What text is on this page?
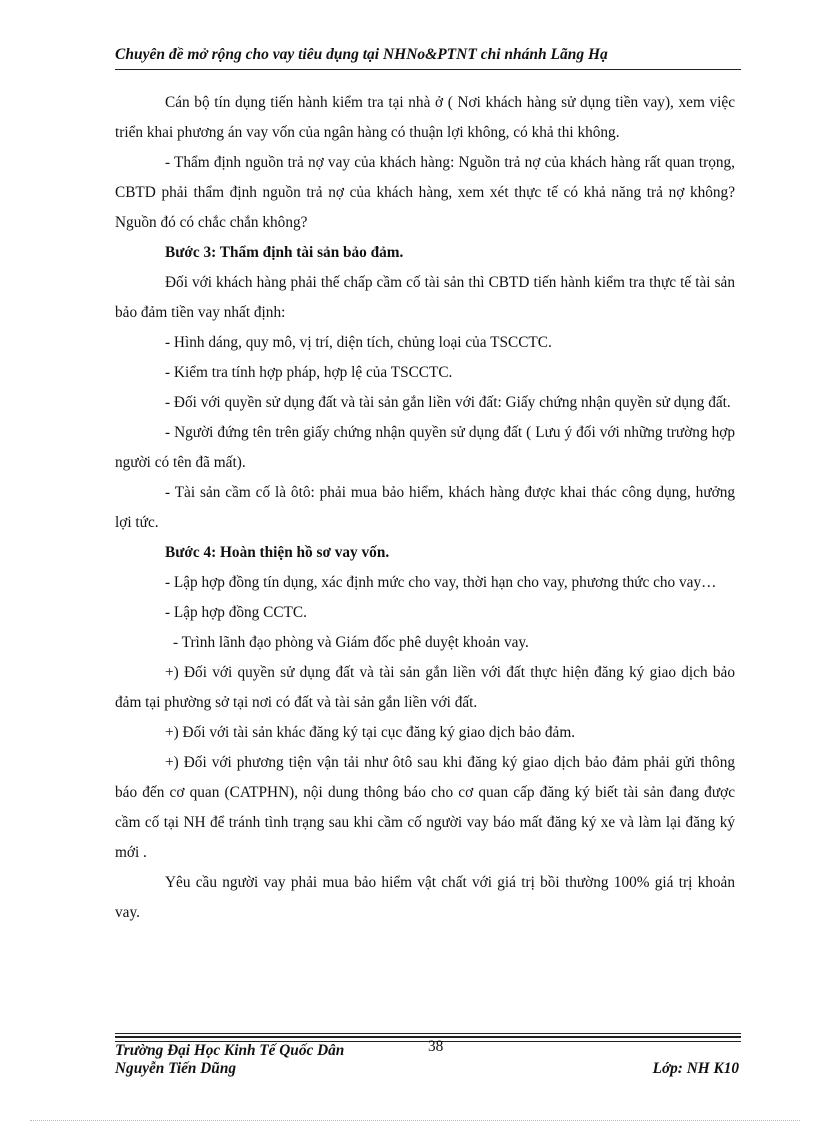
Chuyên đề mở rộng cho vay tiêu dụng tại NHNo&PTNT chi nhánh Lãng Hạ

Cán bộ tín dụng tiến hành kiểm tra tại nhà ở ( Nơi khách hàng sử dụng tiền vay), xem việc triển khai phương án vay vốn của ngân hàng có thuận lợi không, có khả thi không.

- Thẩm định nguồn trả nợ vay của khách hàng: Nguồn trả nợ của khách hàng rất quan trọng, CBTD phải thẩm định nguồn trả nợ của khách hàng, xem xét thực tế có khả năng trả nợ không? Nguồn đó có chắc chắn không?

Bước 3: Thẩm định tài sản bảo đảm.

Đối với khách hàng phải thế chấp cầm cố tài sản thì CBTD tiến hành kiểm tra thực tế tài sản bảo đảm tiền vay nhất định:

- Hình dáng, quy mô, vị trí, diện tích, chủng loại của TSCCTC.

- Kiểm tra tính hợp pháp, hợp lệ của TSCCTC.

- Đối với quyền sử dụng đất và tài sản gắn liền với đất: Giấy chứng nhận quyền sử dụng đất.

- Người đứng tên trên giấy chứng nhận quyền sử dụng đất ( Lưu ý đối với những trường hợp người có tên đã mất).

- Tài sản cầm cố là ôtô: phải mua bảo hiểm, khách hàng được khai thác công dụng, hưởng lợi tức.

Bước 4: Hoàn thiện hồ sơ vay vốn.

- Lập hợp đồng tín dụng, xác định mức cho vay, thời hạn cho vay, phương thức cho vay…

- Lập hợp đồng CCTC.

- Trình lãnh đạo phòng và Giám đốc phê duyệt khoản vay.

+) Đối với quyền sử dụng đất và tài sản gắn liền với đất thực hiện đăng ký giao dịch bảo đảm tại phường sở tại nơi có đất và tài sản gắn liền với đất.

+) Đối với tài sản khác đăng ký tại cục đăng ký giao dịch bảo đảm.

+) Đối với phương tiện vận tải như ôtô sau khi đăng ký giao dịch bảo đảm phải gửi thông báo đến cơ quan (CATPHN), nội dung thông báo cho cơ quan cấp đăng ký biết tài sản đang được cầm cố tại NH để tránh tình trạng sau khi cầm cố người vay báo mất đăng ký xe và làm lại đăng ký mới .

Yêu cầu người vay phải mua bảo hiểm vật chất với giá trị bồi thường 100% giá trị khoản vay.

Trường Đại Học Kinh Tế Quốc Dân	38
Nguyễn Tiến Dũng	Lớp: NH K10
